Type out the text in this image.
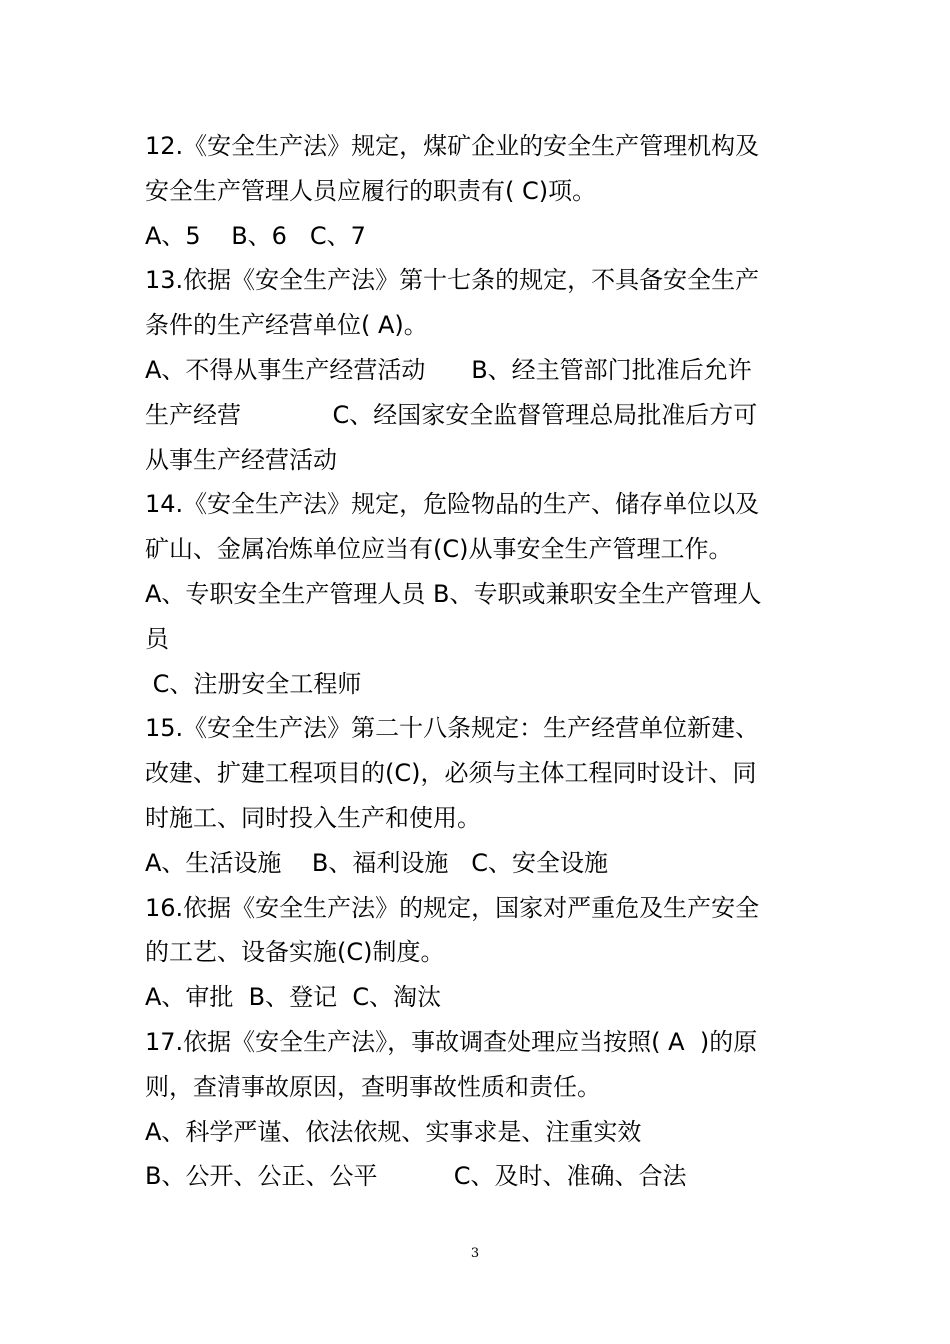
12.《安全生产法》规定，煤矿企业的安全生产管理机构及
安全生产管理人员应履行的职责有( C)项。
A、5    B、6   C、7
13.依据《安全生产法》第十七条的规定，不具备安全生产
条件的生产经营单位( A)。
A、不得从事生产经营活动      B、经主管部门批准后允许
生产经营            C、经国家安全监督管理总局批准后方可
从事生产经营活动
14.《安全生产法》规定，危险物品的生产、储存单位以及
矿山、金属冶炼单位应当有(C)从事安全生产管理工作。
A、专职安全生产管理人员 B、专职或兼职安全生产管理人
员
C、注册安全工程师
15.《安全生产法》第二十八条规定：生产经营单位新建、
改建、扩建工程项目的(C)，必须与主体工程同时设计、同
时施工、同时投入生产和使用。
A、生活设施    B、福利设施   C、安全设施
16.依据《安全生产法》的规定，国家对严重危及生产安全
的工艺、设备实施(C)制度。
A、审批  B、登记  C、淘汰
17.依据《安全生产法》，事故调查处理应当按照( A  )的原
则，查清事故原因，查明事故性质和责任。
A、科学严谨、依法依规、实事求是、注重实效
B、公开、公正、公平          C、及时、准确、合法
3
